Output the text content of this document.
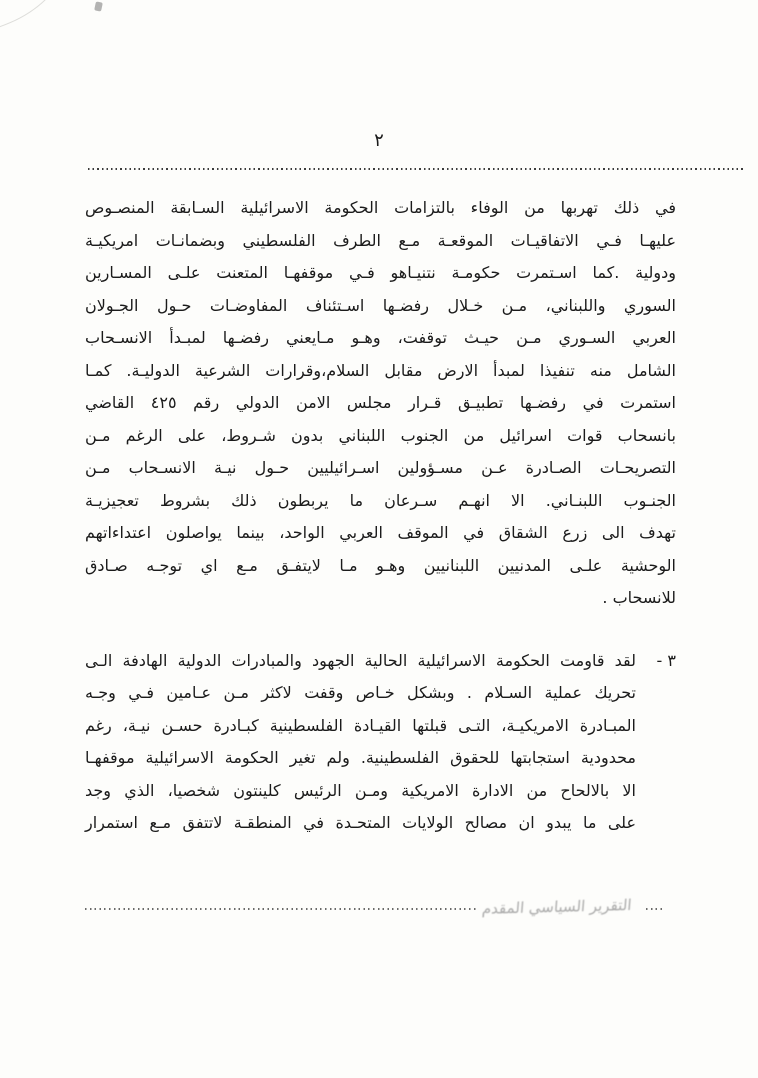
٢
في ذلك تهربها من الوفاء بالتزامات الحكومة الاسرائيلية السـابقة المنصـوص
عليهـا فـي الاتفاقيـات الموقعـة مـع الطرف الفلسطيني وبضمانـات امريكيـة
ودولية .كما اسـتمرت حكومـة نتنيـاهو فـي موقفهـا المتعنت علـى المسـارين
السوري واللبناني، مـن خـلال رفضـها اسـتئناف المفاوضـات حـول الجـولان
العربي السـوري مـن حيـث توقفت، وهـو مـايعني رفضـها لمبـدأ الانسـحاب
الشامل منه تنفيذا لمبدأ الارض مقابل السلام،وقرارات الشرعية الدوليـة. كمـا
استمرت في رفضـها تطبيـق قـرار مجلس الامن الدولي رقم ٤٢٥ القاضي
بانسحاب قوات اسرائيل من الجنوب اللبناني بدون شـروط، على الرغم مـن
التصريحـات الصـادرة عـن مسـؤولين اسـرائيليين حـول نيـة الانسـحاب مـن
الجنـوب اللبنـاني. الا انهـم سـرعان ما يربطون ذلك بشروط تعجيزيـة
تهدف الى زرع الشقاق في الموقف العربي الواحد، بينما يواصلون اعتداءاتهم
الوحشية علـى المدنيين اللبنانيين وهـو مـا لايتفـق مـع اي توجـه صـادق
للانسحاب .
٣ -
لقد قاومت الحكومة الاسرائيلية الحالية الجهود والمبادرات الدولية الهادفة الـى
تحريك عملية السـلام . وبشكل خـاص وقفت لاكثر مـن عـامين فـي وجـه
المبـادرة الامريكيـة، التـى قبلتها القيـادة الفلسطينية كبـادرة حسـن نيـة، رغم
محدودية استجابتها للحقوق الفلسطينية. ولم تغير الحكومة الاسرائيلية موقفهـا
الا بالالحاح من الادارة الامريكية ومـن الرئيس كلينتون شخصيا، الذي وجد
على ما يبدو ان مصالح الولايات المتحـدة في المنطقـة لاتتفق مـع استمرار
التقرير السياسي المقدم
